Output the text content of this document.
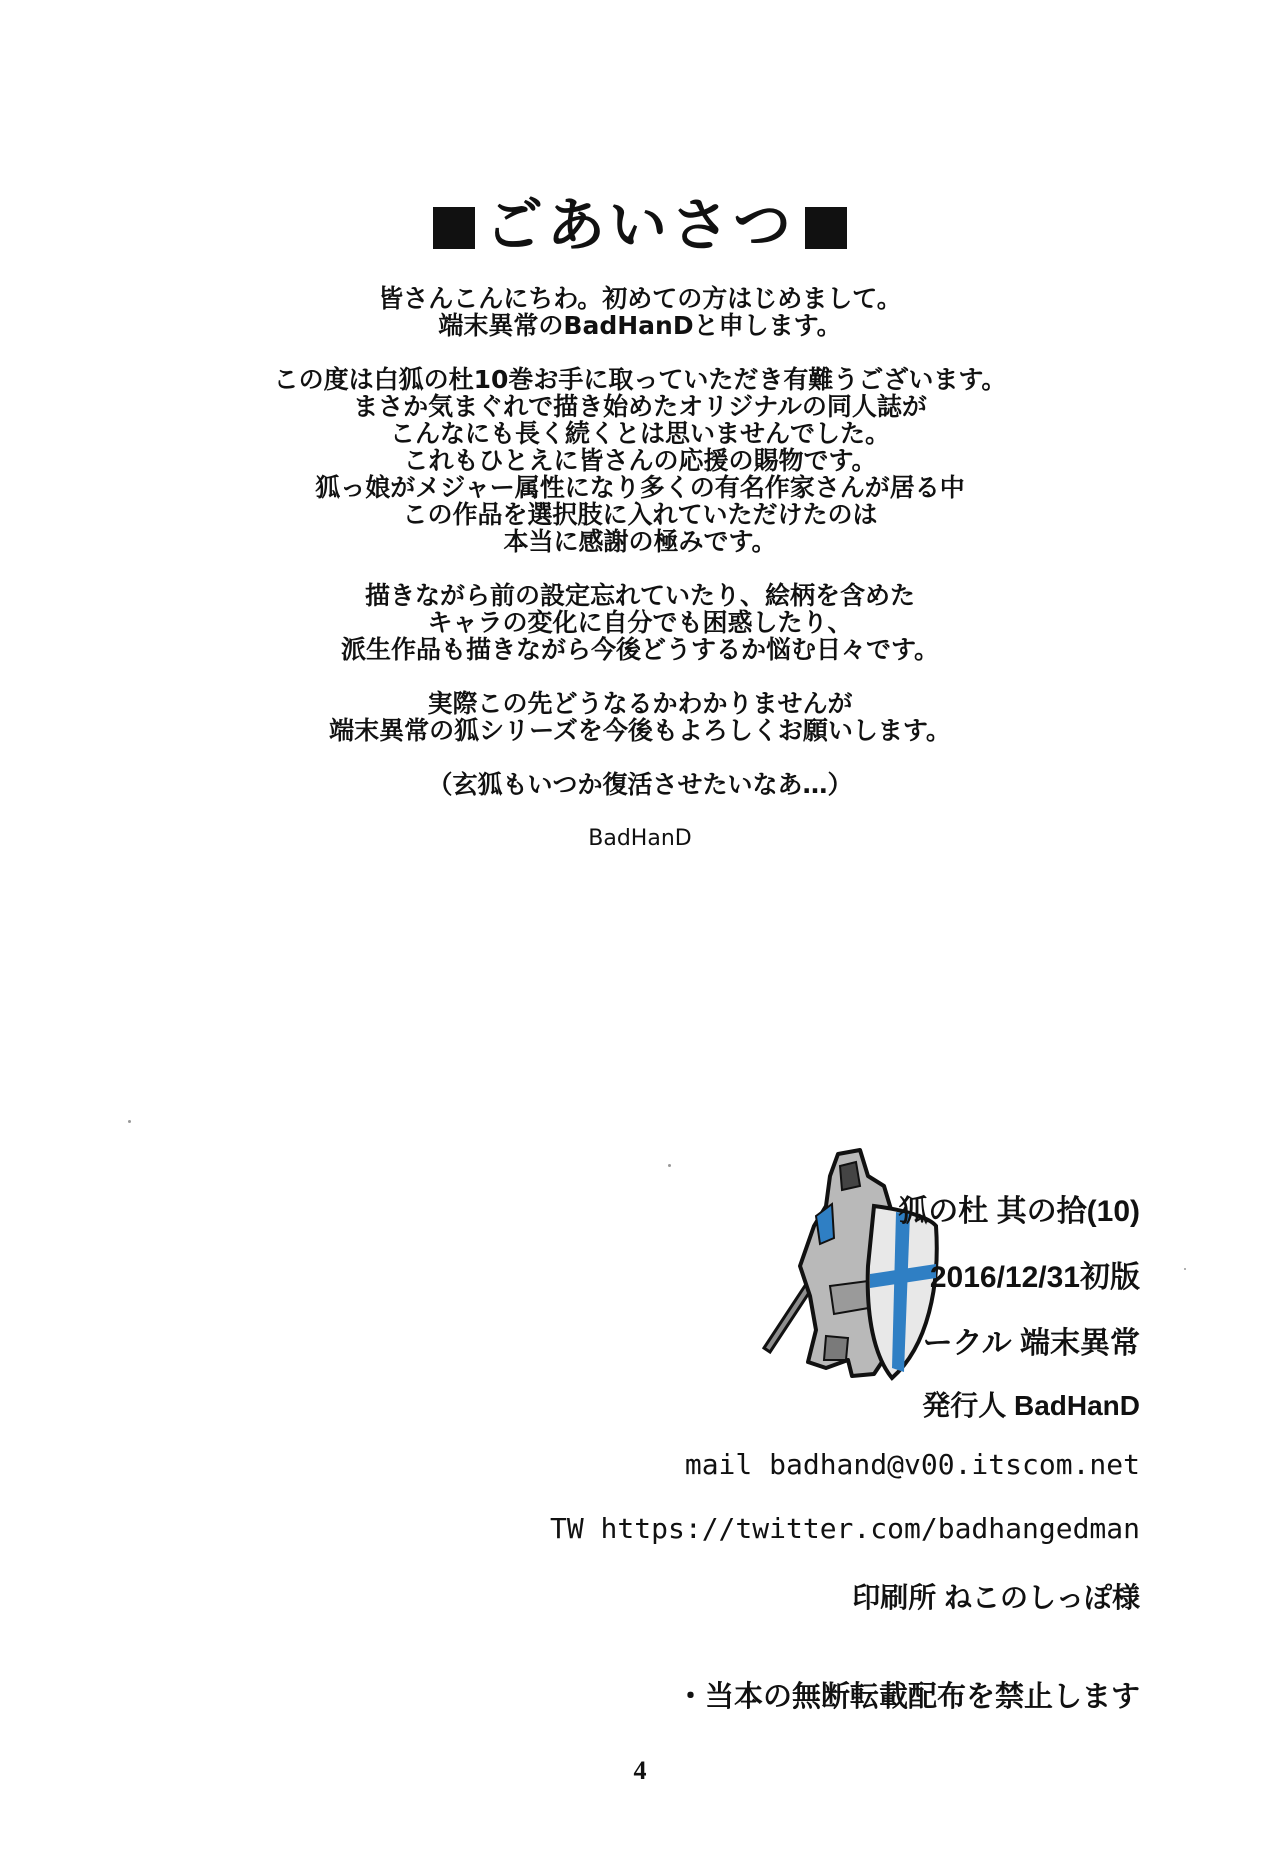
ごあいさつ

皆さんこんにちわ。初めての方はじめまして。
端末異常のBadHanDと申します。

この度は白狐の杜10巻お手に取っていただき有難うございます。
まさか気まぐれで描き始めたオリジナルの同人誌が
こんなにも長く続くとは思いませんでした。
これもひとえに皆さんの応援の賜物です。
狐っ娘がメジャー属性になり多くの有名作家さんが居る中
この作品を選択肢に入れていただけたのは
本当に感謝の極みです。

描きながら前の設定忘れていたり、絵柄を含めた
キャラの変化に自分でも困惑したり、
派生作品も描きながら今後どうするか悩む日々です。

実際この先どうなるかわかりませんが
端末異常の狐シリーズを今後もよろしくお願いします。

（玄狐もいつか復活させたいなあ…）

BadHanD

狐の杜 其の拾(10)
2016/12/31初版
ークル 端末異常
発行人 BadHanD
mail badhand@v00.itscom.net
TW https://twitter.com/badhangedman
印刷所 ねこのしっぽ様
・当本の無断転載配布を禁止します
4
